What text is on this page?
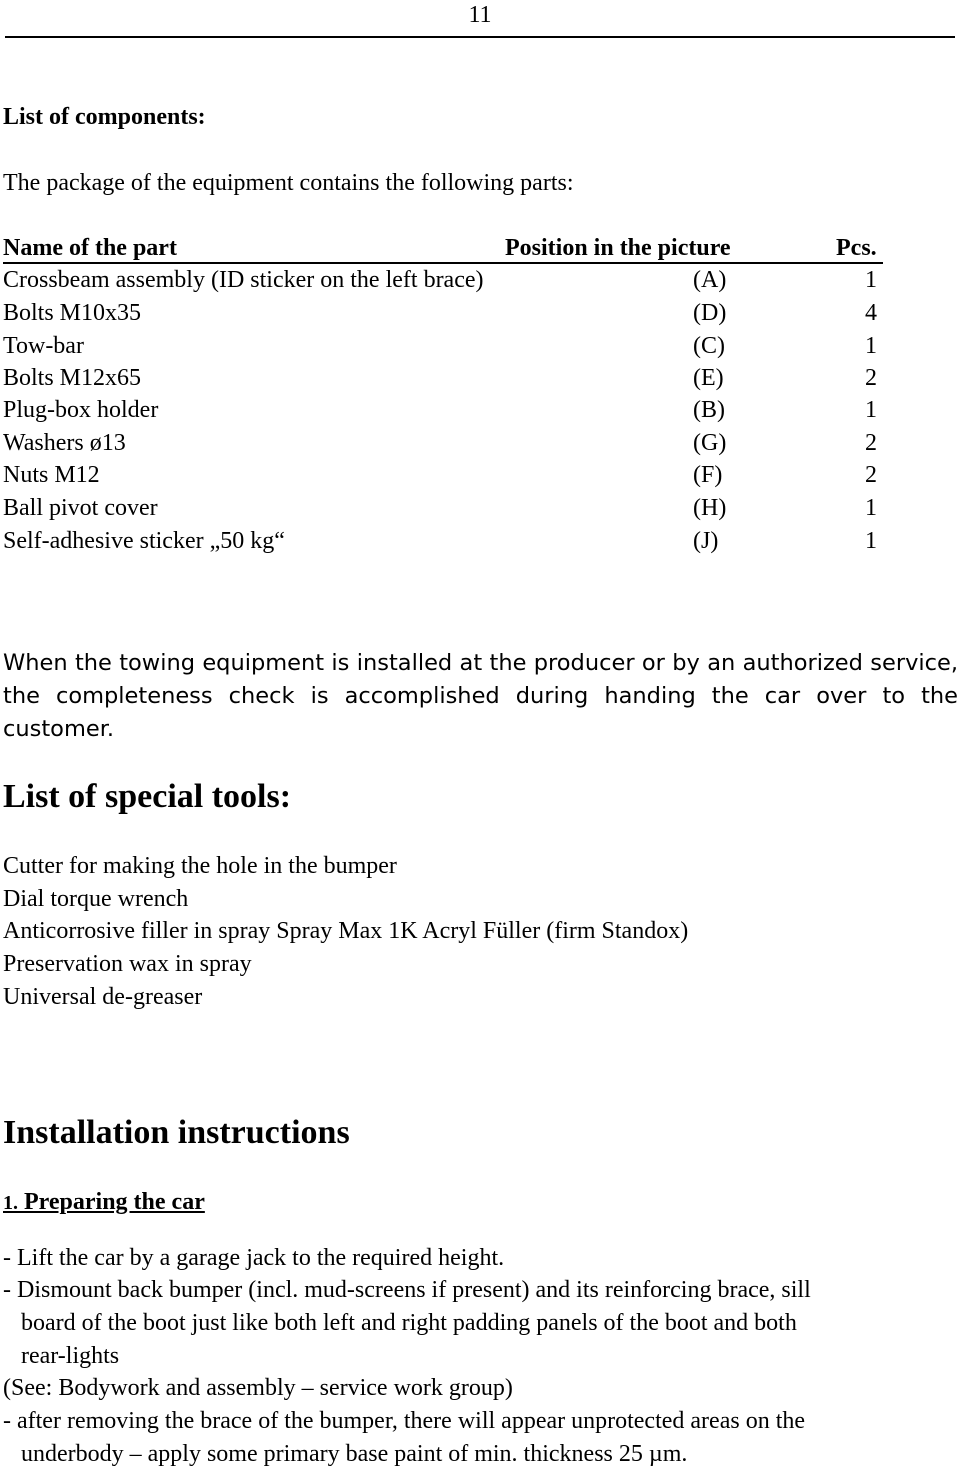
11
List of components:
The package of the equipment contains the following parts:
Name of the part	Position in the picture	Pcs.
Crossbeam assembly (ID sticker on the left brace)	(A)	1
Bolts M10x35	(D)	4
Tow-bar	(C)	1
Bolts M12x65	(E)	2
Plug-box holder	(B)	1
Washers ø13	(G)	2
Nuts M12	(F)	2
Ball pivot cover	(H)	1
Self-adhesive sticker „50 kg“	(J)	1
When the towing equipment is installed at the producer or by an authorized service,
the completeness check is accomplished during handing the car over to the
customer.
List of special tools:
Cutter for making the hole in the bumper
Dial torque wrench
Anticorrosive filler in spray Spray Max 1K Acryl Füller (firm Standox)
Preservation wax in spray
Universal de-greaser
Installation instructions
1. Preparing the car
- Lift the car by a garage jack to the required height.
- Dismount back bumper (incl. mud-screens if present) and its reinforcing brace, sill
board of the boot just like both left and right padding panels of the boot and both
rear-lights
(See: Bodywork and assembly – service work group)
- after removing the brace of the bumper, there will appear unprotected areas on the
underbody – apply some primary base paint of min. thickness 25 µm.
